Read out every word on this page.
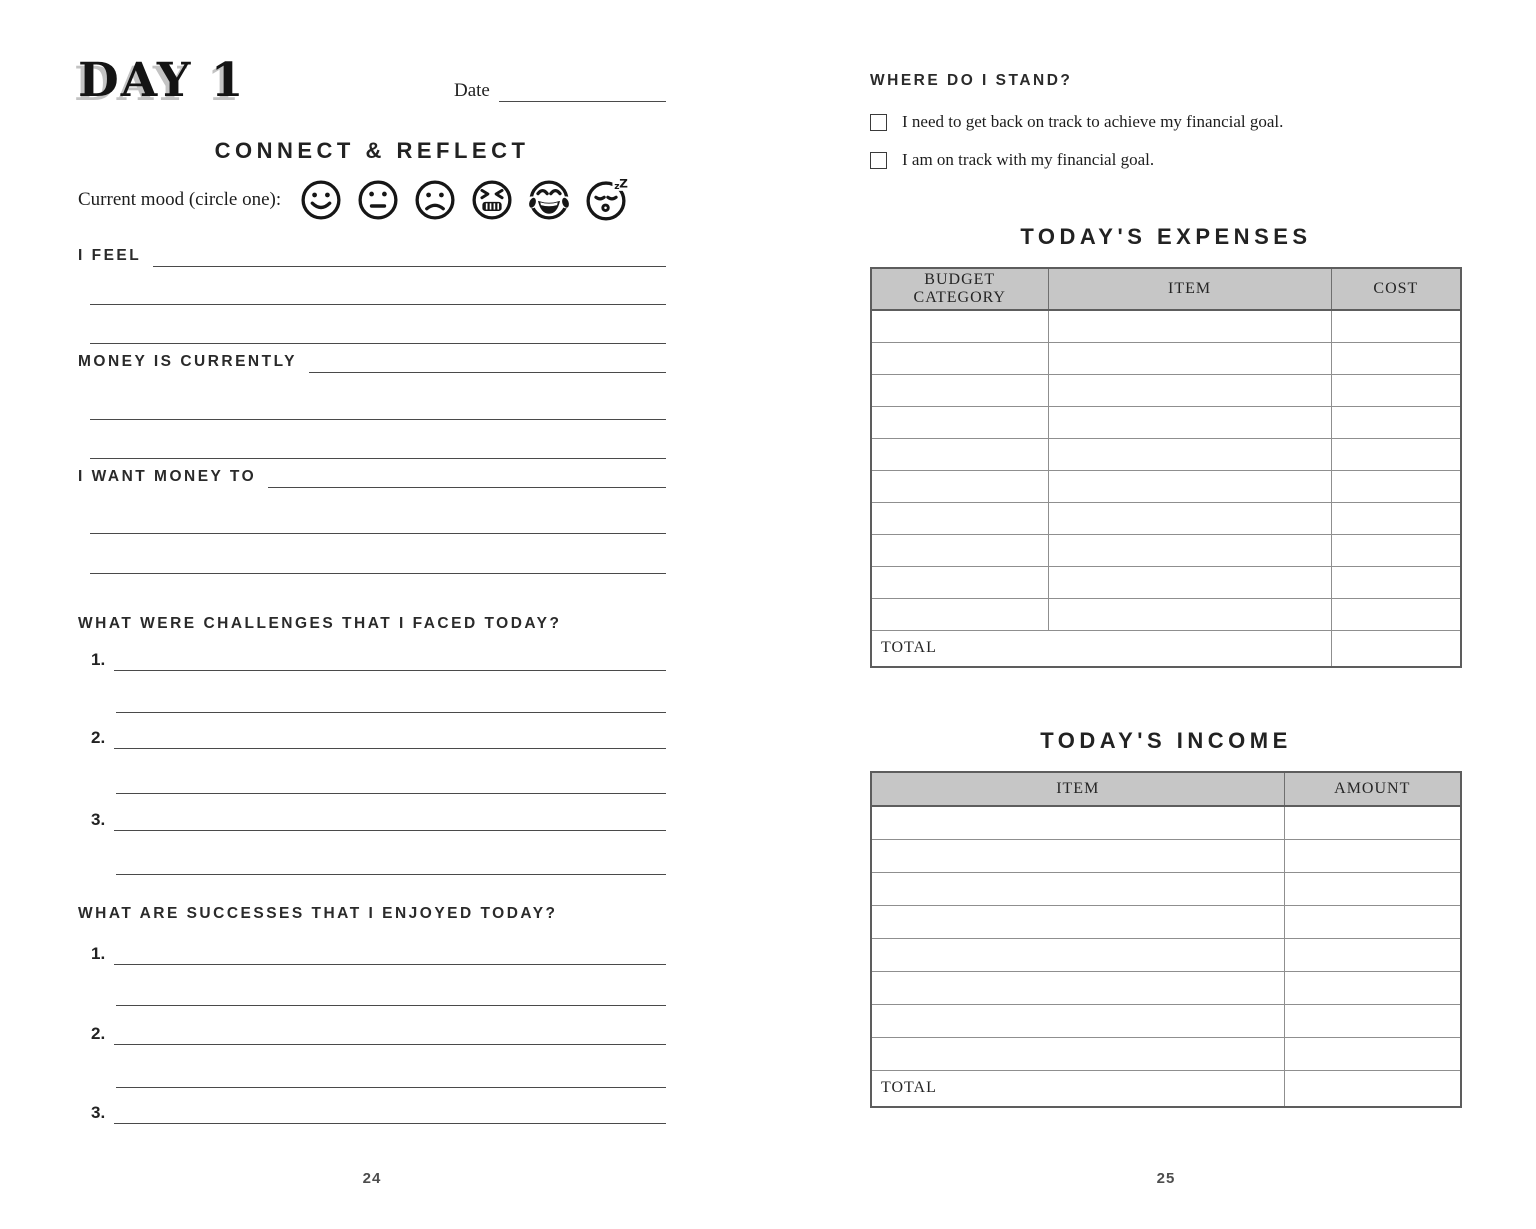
DAY 1	Date
CONNECT & REFLECT
Current mood (circle one):
z Z
I FEEL
MONEY IS CURRENTLY
I WANT MONEY TO
WHAT WERE CHALLENGES THAT I FACED TODAY?
1.
2.
3.
WHAT ARE SUCCESSES THAT I ENJOYED TODAY?
1.
2.
3.
WHERE DO I STAND?
I need to get back on track to achieve my financial goal.
I am on track with my financial goal.
TODAY'S EXPENSES
BUDGET CATEGORY	ITEM	COST

TOTAL		
TODAY'S INCOME
ITEM	AMOUNT

TOTAL	
24	25
